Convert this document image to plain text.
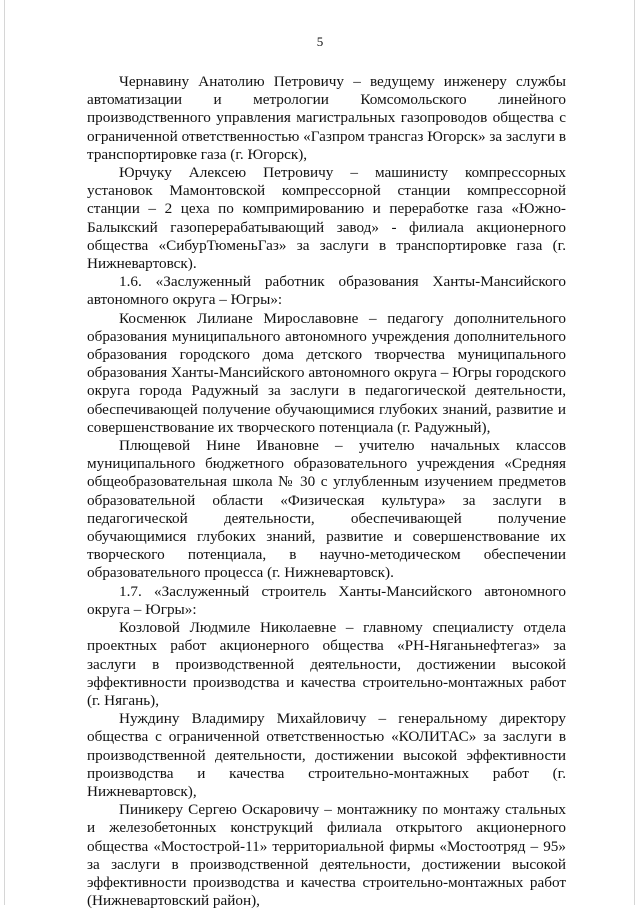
5

Чернавину Анатолию Петровичу – ведущему инженеру службы автоматизации и метрологии Комсомольского линейного производственного управления магистральных газопроводов общества с ограниченной ответственностью «Газпром трансгаз Югорск» за заслуги в транспортировке газа (г. Югорск),

Юрчуку Алексею Петровичу – машинисту компрессорных установок Мамонтовской компрессорной станции компрессорной станции – 2 цеха по компримированию и переработке газа «Южно-Балыкский газоперерабатывающий завод» - филиала акционерного общества «СибурТюменьГаз» за заслуги в транспортировке газа (г. Нижневартовск).

1.6. «Заслуженный работник образования Ханты-Мансийского автономного округа – Югры»:

Косменюк Лилиане Мирославовне – педагогу дополнительного образования муниципального автономного учреждения дополнительного образования городского дома детского творчества муниципального образования Ханты-Мансийского автономного округа – Югры городского округа города Радужный за заслуги в педагогической деятельности, обеспечивающей получение обучающимися глубоких знаний, развитие и совершенствование их творческого потенциала (г. Радужный),

Плющевой Нине Ивановне – учителю начальных классов муниципального бюджетного образовательного учреждения «Средняя общеобразовательная школа № 30 с углубленным изучением предметов образовательной области «Физическая культура» за заслуги в педагогической деятельности, обеспечивающей получение обучающимися глубоких знаний, развитие и совершенствование их творческого потенциала, в научно-методическом обеспечении образовательного процесса (г. Нижневартовск).

1.7. «Заслуженный строитель Ханты-Мансийского автономного округа – Югры»:

Козловой Людмиле Николаевне – главному специалисту отдела проектных работ акционерного общества «РН-Няганьнефтегаз» за заслуги в производственной деятельности, достижении высокой эффективности производства и качества строительно-монтажных работ (г. Нягань),

Нуждину Владимиру Михайловичу – генеральному директору общества с ограниченной ответственностью «КОЛИТАС» за заслуги в производственной деятельности, достижении высокой эффективности производства и качества строительно-монтажных работ (г. Нижневартовск),

Пиникеру Сергею Оскаровичу – монтажнику по монтажу стальных и железобетонных конструкций филиала открытого акционерного общества «Мостострой-11» территориальной фирмы «Мостоотряд – 95» за заслуги в производственной деятельности, достижении высокой эффективности производства и качества строительно-монтажных работ (Нижневартовский район),
